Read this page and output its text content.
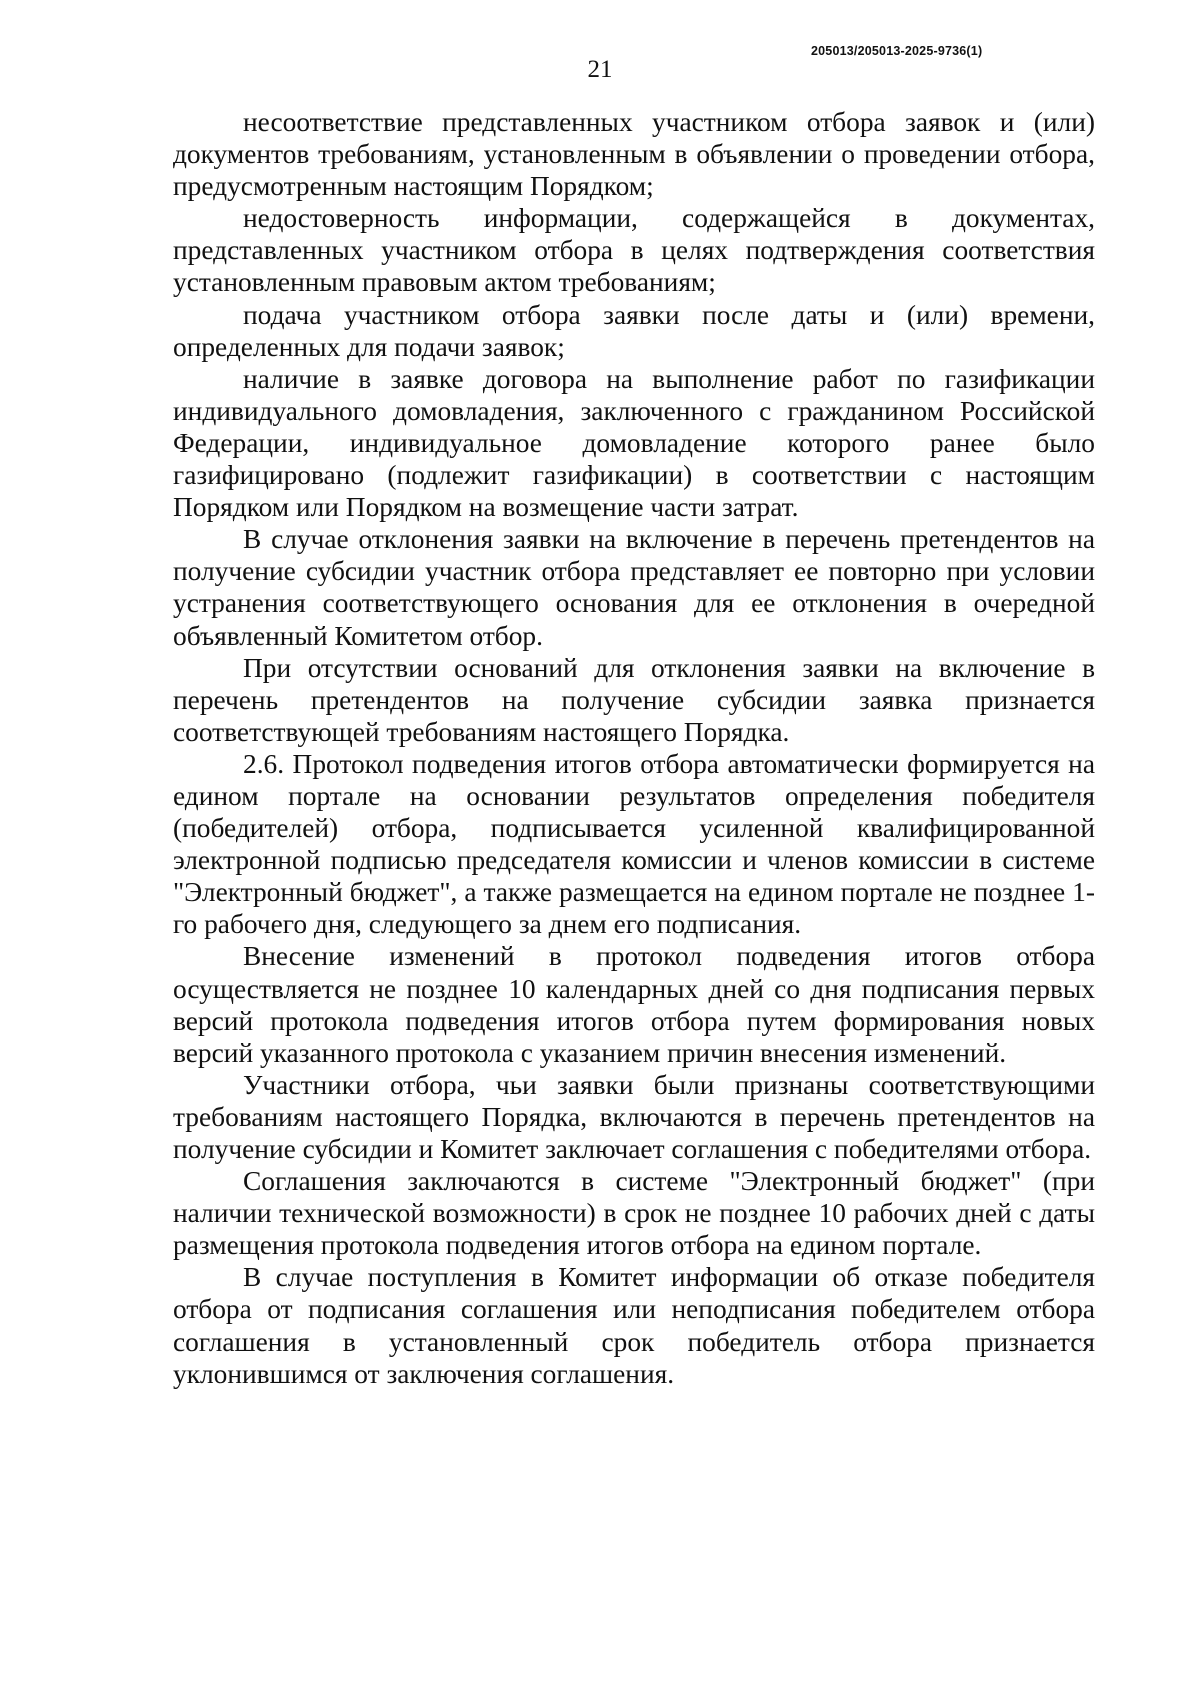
205013/205013-2025-9736(1)
21

несоответствие представленных участником отбора заявок и (или) документов требованиям, установленным в объявлении о проведении отбора, предусмотренным настоящим Порядком;

недостоверность информации, содержащейся в документах, представленных участником отбора в целях подтверждения соответствия установленным правовым актом требованиям;

подача участником отбора заявки после даты и (или) времени, определенных для подачи заявок;

наличие в заявке договора на выполнение работ по газификации индивидуального домовладения, заключенного с гражданином Российской Федерации, индивидуальное домовладение которого ранее было газифицировано (подлежит газификации) в соответствии с настоящим Порядком или Порядком на возмещение части затрат.

В случае отклонения заявки на включение в перечень претендентов на получение субсидии участник отбора представляет ее повторно при условии устранения соответствующего основания для ее отклонения в очередной объявленный Комитетом отбор.

При отсутствии оснований для отклонения заявки на включение в перечень претендентов на получение субсидии заявка признается соответствующей требованиям настоящего Порядка.

2.6. Протокол подведения итогов отбора автоматически формируется на едином портале на основании результатов определения победителя (победителей) отбора, подписывается усиленной квалифицированной электронной подписью председателя комиссии и членов комиссии в системе "Электронный бюджет", а также размещается на едином портале не позднее 1-го рабочего дня, следующего за днем его подписания.

Внесение изменений в протокол подведения итогов отбора осуществляется не позднее 10 календарных дней со дня подписания первых версий протокола подведения итогов отбора путем формирования новых версий указанного протокола с указанием причин внесения изменений.

Участники отбора, чьи заявки были признаны соответствующими требованиям настоящего Порядка, включаются в перечень претендентов на получение субсидии и Комитет заключает соглашения с победителями отбора.

Соглашения заключаются в системе "Электронный бюджет" (при наличии технической возможности) в срок не позднее 10 рабочих дней с даты размещения протокола подведения итогов отбора на едином портале.

В случае поступления в Комитет информации об отказе победителя отбора от подписания соглашения или неподписания победителем отбора соглашения в установленный срок победитель отбора признается уклонившимся от заключения соглашения.
